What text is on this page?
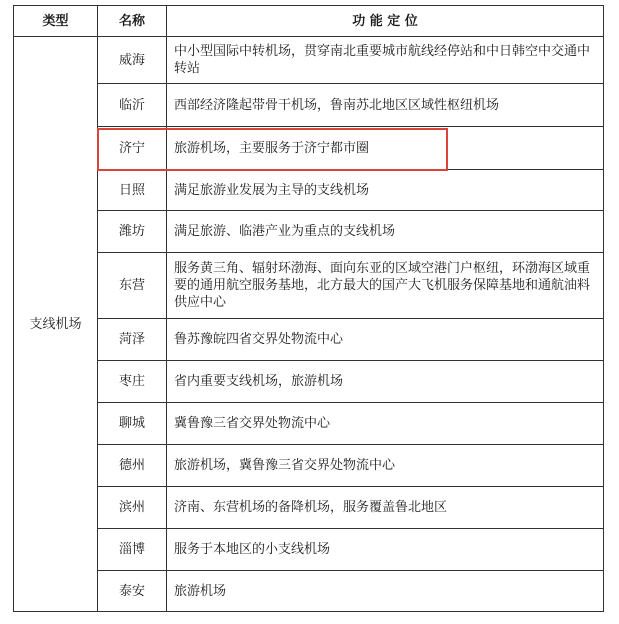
类型	名称	功 能 定 位
支线机场	威海	中小型国际中转机场，贯穿南北重要城市航线经停站和中日韩空中交通中转站
	临沂	西部经济隆起带骨干机场，鲁南苏北地区区域性枢纽机场
	济宁	旅游机场，主要服务于济宁都市圈
	日照	满足旅游业发展为主导的支线机场
	潍坊	满足旅游、临港产业为重点的支线机场
	东营	服务黄三角、辐射环渤海、面向东亚的区域空港门户枢纽，环渤海区域重要的通用航空服务基地，北方最大的国产大飞机服务保障基地和通航油料供应中心
	菏泽	鲁苏豫皖四省交界处物流中心
	枣庄	省内重要支线机场，旅游机场
	聊城	冀鲁豫三省交界处物流中心
	德州	旅游机场，冀鲁豫三省交界处物流中心
	滨州	济南、东营机场的备降机场，服务覆盖鲁北地区
	淄博	服务于本地区的小支线机场
	泰安	旅游机场
